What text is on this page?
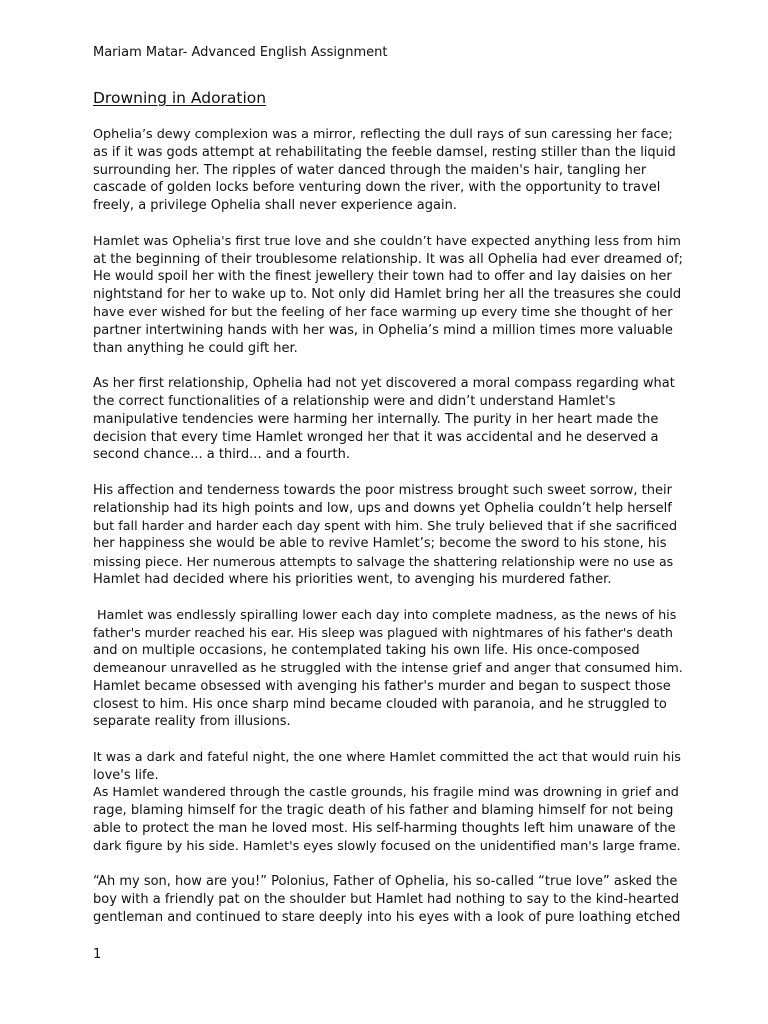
Mariam Matar- Advanced English Assignment
Drowning in Adoration
Ophelia’s dewy complexion was a mirror, reflecting the dull rays of sun caressing her face;
as if it was gods attempt at rehabilitating the feeble damsel, resting stiller than the liquid
surrounding her. The ripples of water danced through the maiden's hair, tangling her
cascade of golden locks before venturing down the river, with the opportunity to travel
freely, a privilege Ophelia shall never experience again.
Hamlet was Ophelia's first true love and she couldn’t have expected anything less from him
at the beginning of their troublesome relationship. It was all Ophelia had ever dreamed of;
He would spoil her with the finest jewellery their town had to offer and lay daisies on her
nightstand for her to wake up to. Not only did Hamlet bring her all the treasures she could
have ever wished for but the feeling of her face warming up every time she thought of her
partner intertwining hands with her was, in Ophelia’s mind a million times more valuable
than anything he could gift her.
As her first relationship, Ophelia had not yet discovered a moral compass regarding what
the correct functionalities of a relationship were and didn’t understand Hamlet's
manipulative tendencies were harming her internally. The purity in her heart made the
decision that every time Hamlet wronged her that it was accidental and he deserved a
second chance... a third... and a fourth.
His affection and tenderness towards the poor mistress brought such sweet sorrow, their
relationship had its high points and low, ups and downs yet Ophelia couldn’t help herself
but fall harder and harder each day spent with him. She truly believed that if she sacrificed
her happiness she would be able to revive Hamlet’s; become the sword to his stone, his
missing piece. Her numerous attempts to salvage the shattering relationship were no use as
Hamlet had decided where his priorities went, to avenging his murdered father.
Hamlet was endlessly spiralling lower each day into complete madness, as the news of his
father's murder reached his ear. His sleep was plagued with nightmares of his father's death
and on multiple occasions, he contemplated taking his own life. His once-composed
demeanour unravelled as he struggled with the intense grief and anger that consumed him.
Hamlet became obsessed with avenging his father's murder and began to suspect those
closest to him. His once sharp mind became clouded with paranoia, and he struggled to
separate reality from illusions.
It was a dark and fateful night, the one where Hamlet committed the act that would ruin his
love's life.
As Hamlet wandered through the castle grounds, his fragile mind was drowning in grief and
rage, blaming himself for the tragic death of his father and blaming himself for not being
able to protect the man he loved most. His self-harming thoughts left him unaware of the
dark figure by his side. Hamlet's eyes slowly focused on the unidentified man's large frame.
“Ah my son, how are you!” Polonius, Father of Ophelia, his so-called “true love” asked the
boy with a friendly pat on the shoulder but Hamlet had nothing to say to the kind-hearted
gentleman and continued to stare deeply into his eyes with a look of pure loathing etched
1
